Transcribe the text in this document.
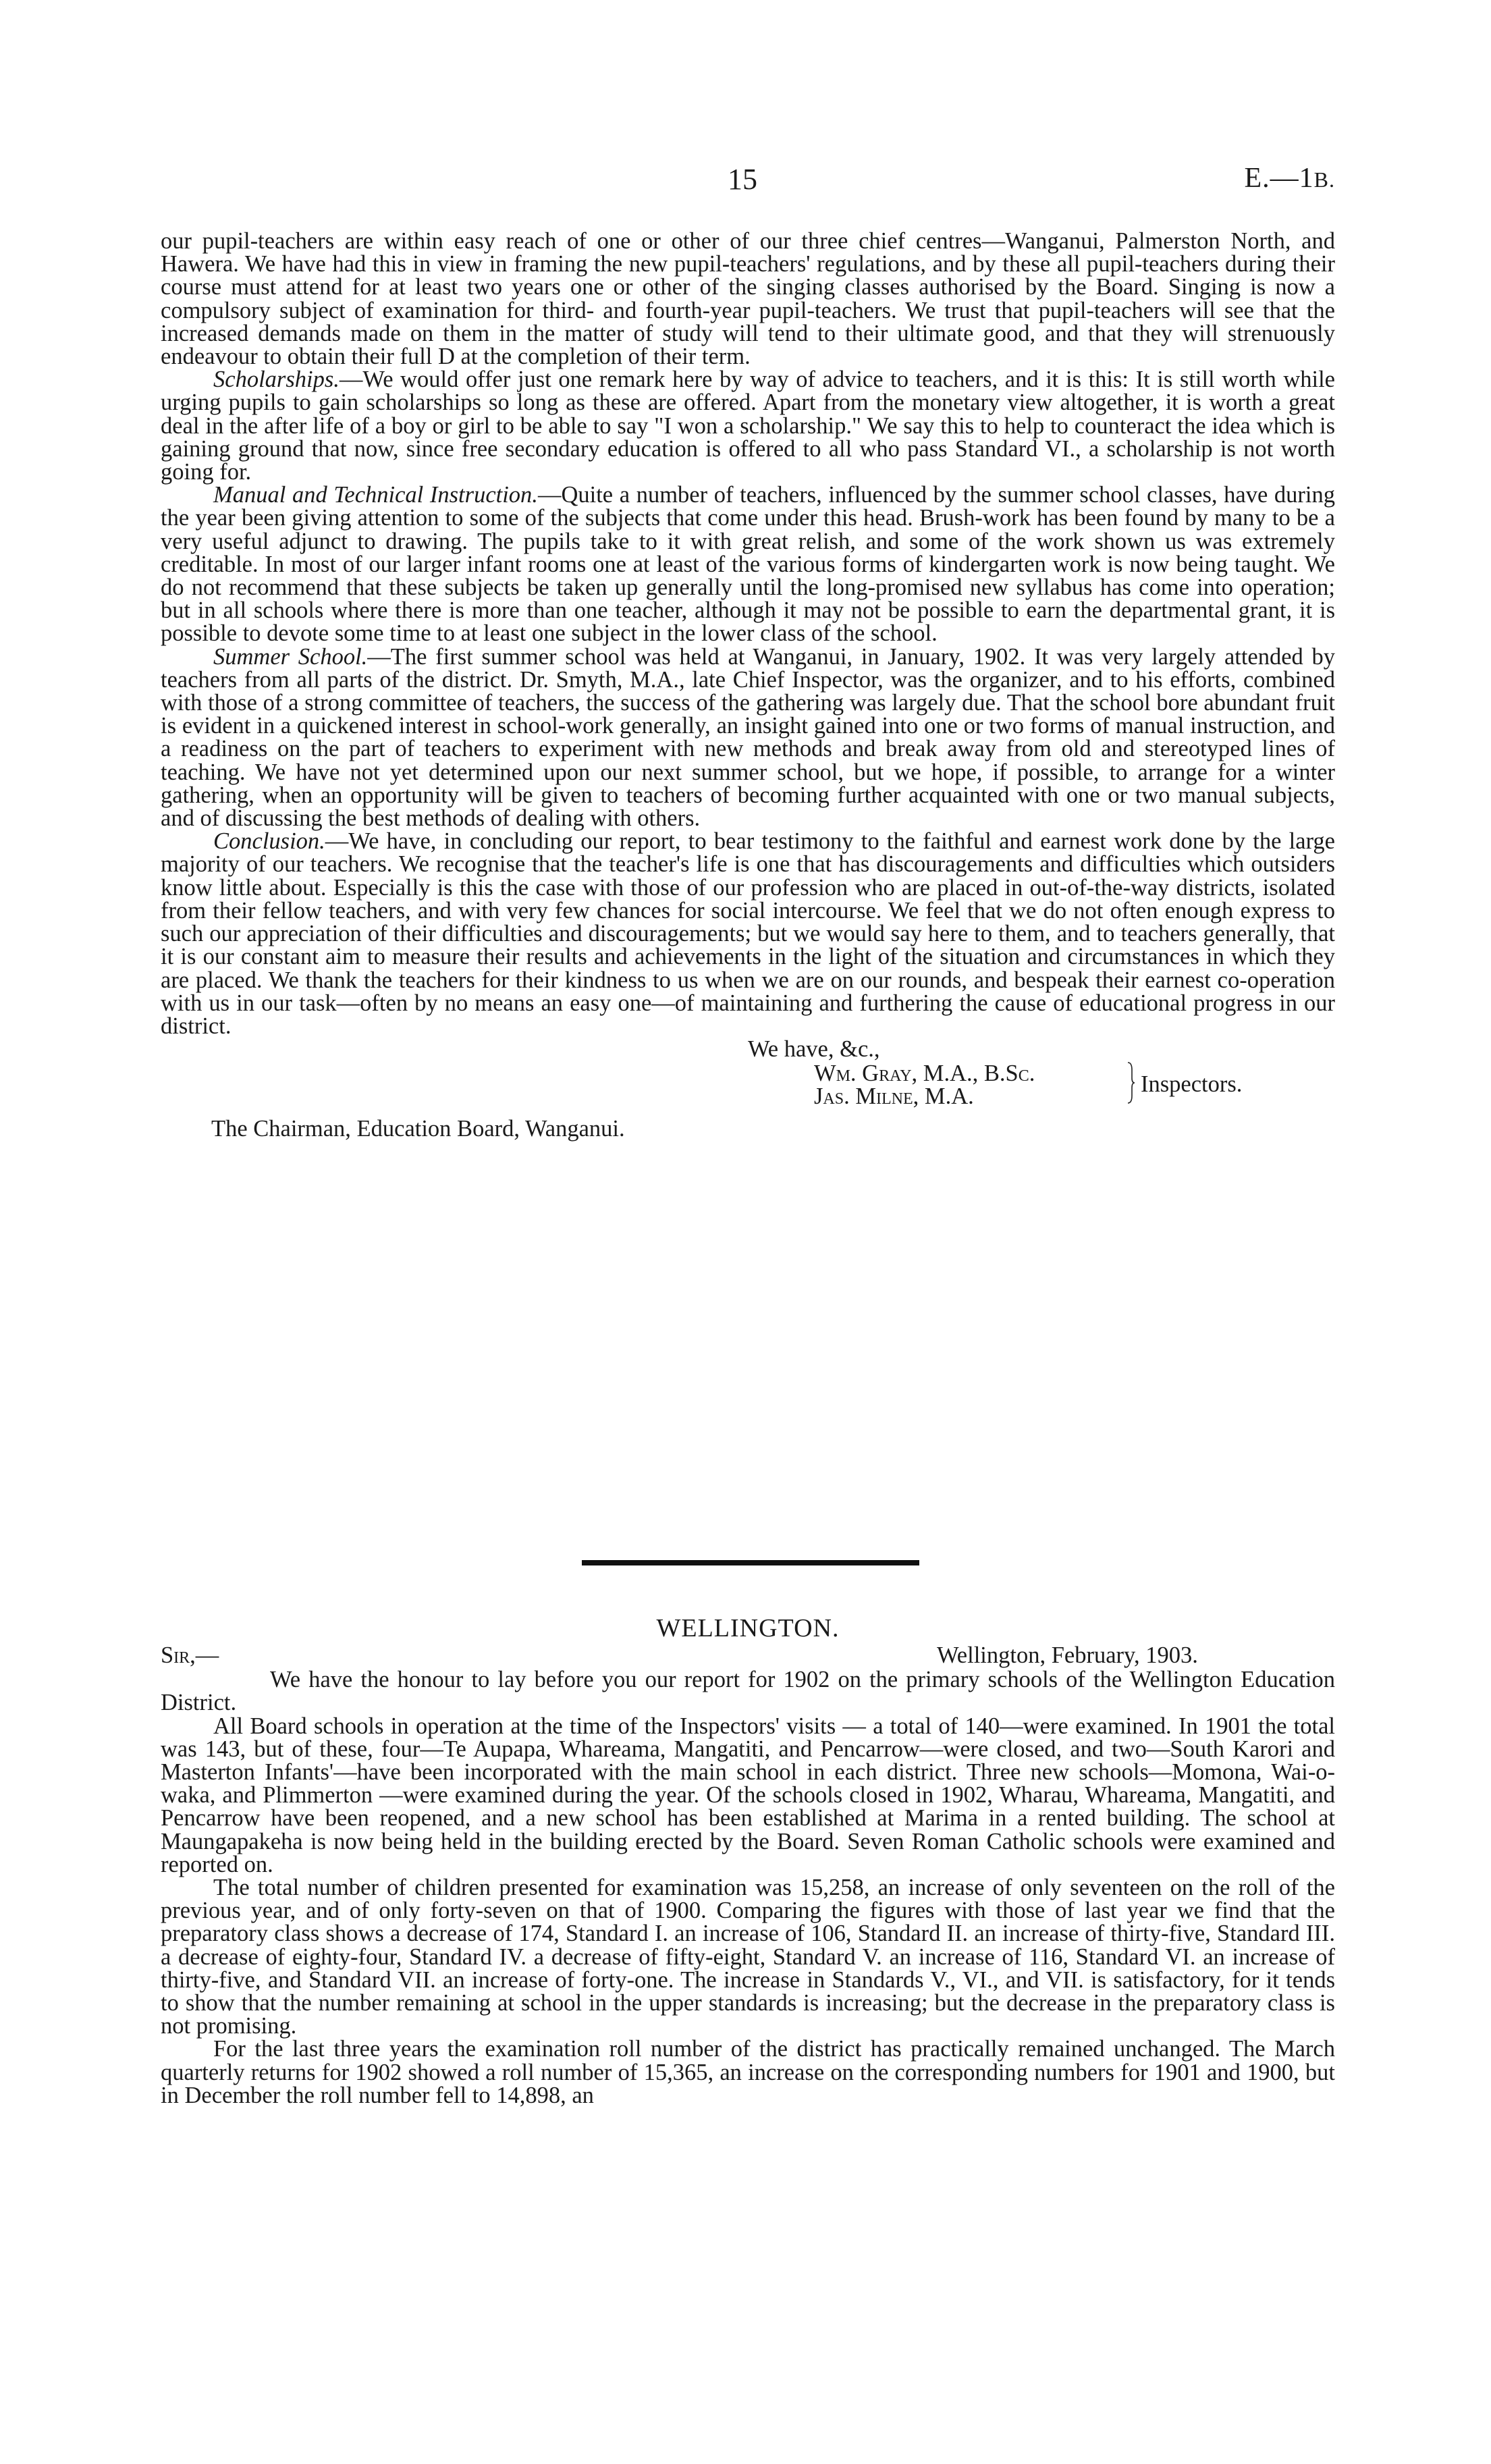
15	E.—1B.

our pupil-teachers are within easy reach of one or other of our three chief centres—Wanganui, Palmerston North, and Hawera. We have had this in view in framing the new pupil-teachers' regulations, and by these all pupil-teachers during their course must attend for at least two years one or other of the singing classes authorised by the Board. Singing is now a compulsory subject of examination for third- and fourth-year pupil-teachers. We trust that pupil-teachers will see that the increased demands made on them in the matter of study will tend to their ultimate good, and that they will strenuously endeavour to obtain their full D at the completion of their term.

Scholarships.—We would offer just one remark here by way of advice to teachers, and it is this: It is still worth while urging pupils to gain scholarships so long as these are offered. Apart from the monetary view altogether, it is worth a great deal in the after life of a boy or girl to be able to say "I won a scholarship." We say this to help to counteract the idea which is gaining ground that now, since free secondary education is offered to all who pass Standard VI., a scholarship is not worth going for.

Manual and Technical Instruction.—Quite a number of teachers, influenced by the summer school classes, have during the year been giving attention to some of the subjects that come under this head. Brush-work has been found by many to be a very useful adjunct to drawing. The pupils take to it with great relish, and some of the work shown us was extremely creditable. In most of our larger infant rooms one at least of the various forms of kindergarten work is now being taught. We do not recommend that these subjects be taken up generally until the long-promised new syllabus has come into operation; but in all schools where there is more than one teacher, although it may not be possible to earn the departmental grant, it is possible to devote some time to at least one subject in the lower class of the school.

Summer School.—The first summer school was held at Wanganui, in January, 1902. It was very largely attended by teachers from all parts of the district. Dr. Smyth, M.A., late Chief Inspector, was the organizer, and to his efforts, combined with those of a strong committee of teachers, the success of the gathering was largely due. That the school bore abundant fruit is evident in a quickened interest in school-work generally, an insight gained into one or two forms of manual instruction, and a readiness on the part of teachers to experiment with new methods and break away from old and stereotyped lines of teaching. We have not yet determined upon our next summer school, but we hope, if possible, to arrange for a winter gathering, when an opportunity will be given to teachers of becoming further acquainted with one or two manual subjects, and of discussing the best methods of dealing with others.

Conclusion.—We have, in concluding our report, to bear testimony to the faithful and earnest work done by the large majority of our teachers. We recognise that the teacher's life is one that has discouragements and difficulties which outsiders know little about. Especially is this the case with those of our profession who are placed in out-of-the-way districts, isolated from their fellow teachers, and with very few chances for social intercourse. We feel that we do not often enough express to such our appreciation of their difficulties and discouragements; but we would say here to them, and to teachers generally, that it is our constant aim to measure their results and achievements in the light of the situation and circumstances in which they are placed. We thank the teachers for their kindness to us when we are on our rounds, and bespeak their earnest co-operation with us in our task—often by no means an easy one—of maintaining and furthering the cause of educational progress in our district.

We have, &c.,
Wm. Gray, M.A., B.Sc.
Jas. Milne, M.A.	Inspectors.
The Chairman, Education Board, Wanganui.
WELLINGTON.
Sir,—	Wellington, February, 1903.

We have the honour to lay before you our report for 1902 on the primary schools of the Wellington Education District.

All Board schools in operation at the time of the Inspectors' visits — a total of 140—were examined. In 1901 the total was 143, but of these, four—Te Aupapa, Whareama, Mangatiti, and Pencarrow—were closed, and two—South Karori and Masterton Infants'—have been incorporated with the main school in each district. Three new schools—Momona, Wai-o-waka, and Plimmerton —were examined during the year. Of the schools closed in 1902, Wharau, Whareama, Mangatiti, and Pencarrow have been reopened, and a new school has been established at Marima in a rented building. The school at Maungapakeha is now being held in the building erected by the Board. Seven Roman Catholic schools were examined and reported on.

The total number of children presented for examination was 15,258, an increase of only seventeen on the roll of the previous year, and of only forty-seven on that of 1900. Comparing the figures with those of last year we find that the preparatory class shows a decrease of 174, Standard I. an increase of 106, Standard II. an increase of thirty-five, Standard III. a decrease of eighty-four, Standard IV. a decrease of fifty-eight, Standard V. an increase of 116, Standard VI. an increase of thirty-five, and Standard VII. an increase of forty-one. The increase in Standards V., VI., and VII. is satisfactory, for it tends to show that the number remaining at school in the upper standards is increasing; but the decrease in the preparatory class is not promising.

For the last three years the examination roll number of the district has practically remained unchanged. The March quarterly returns for 1902 showed a roll number of 15,365, an increase on the corresponding numbers for 1901 and 1900, but in December the roll number fell to 14,898, an
